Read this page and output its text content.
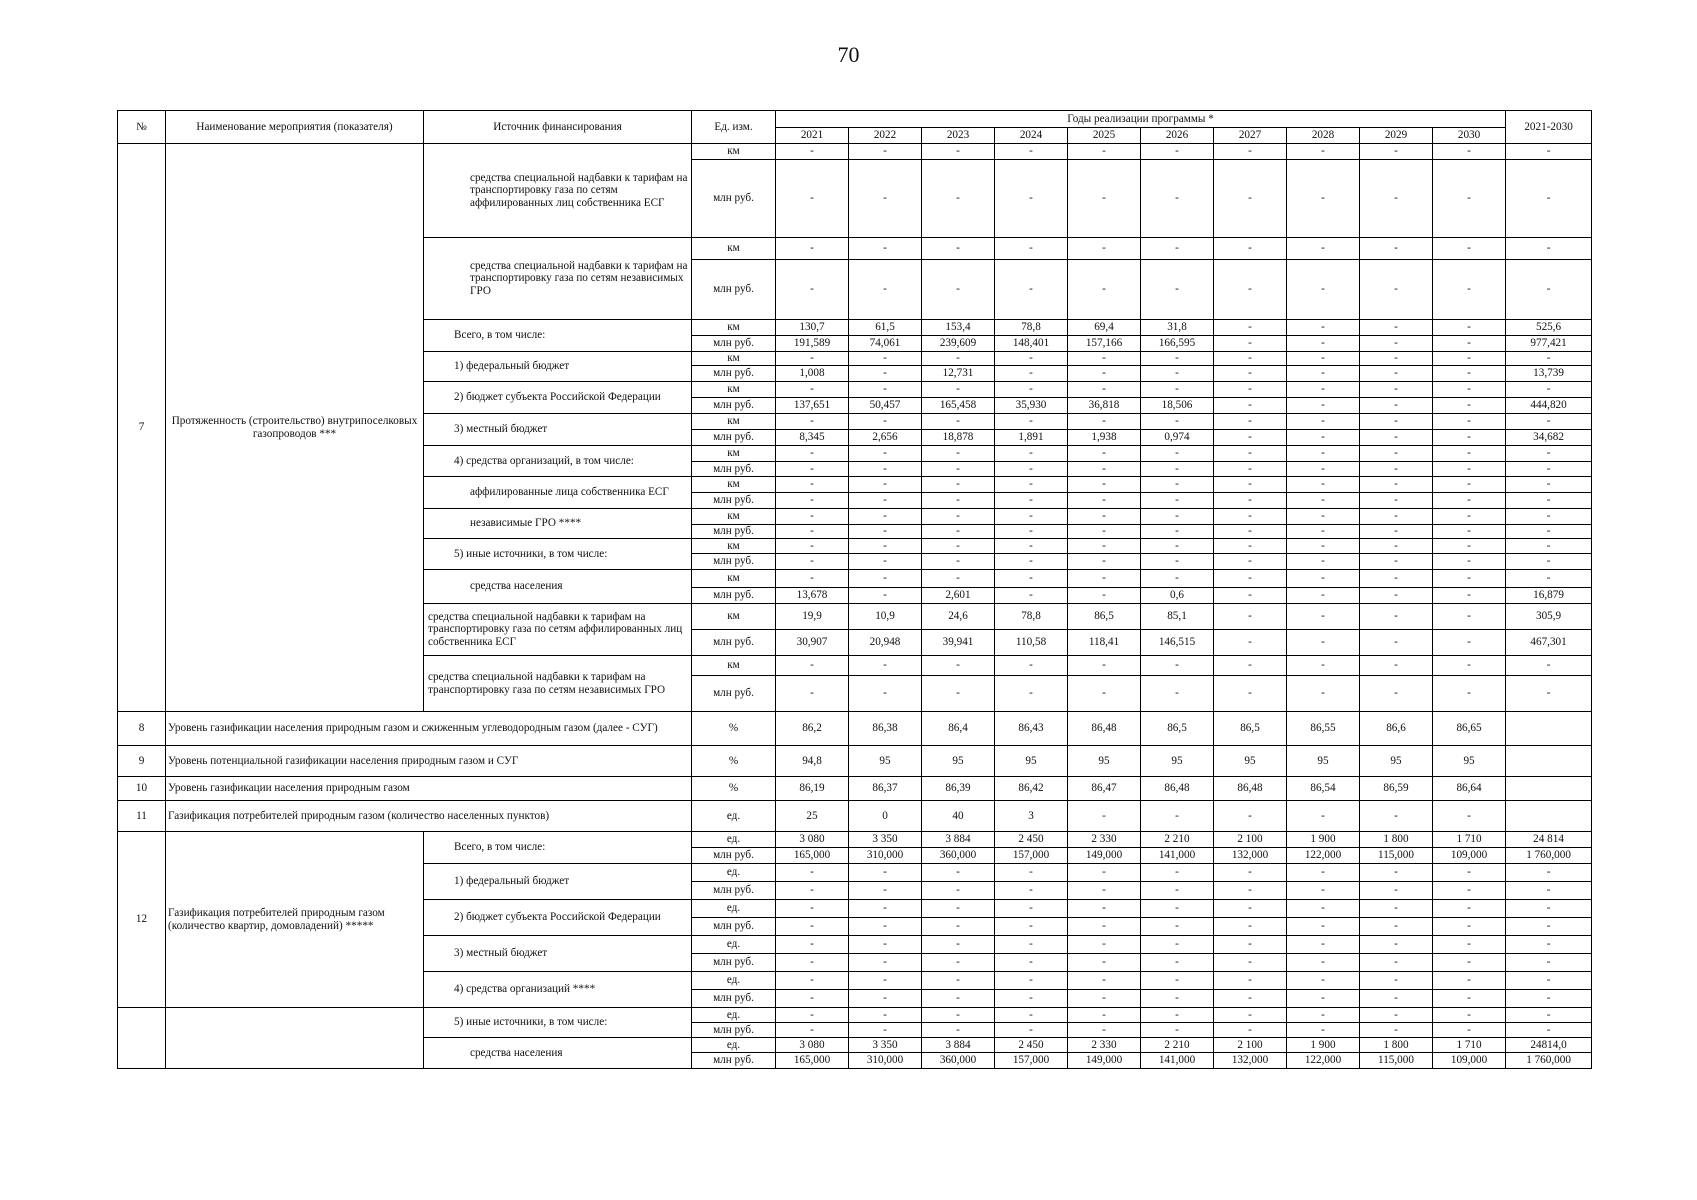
70
№	Наименование мероприятия (показателя)	Источник финансирования	Ед. изм.	Годы реализации программы *										2021-2030
				2021	2022	2023	2024	2025	2026	2027	2028	2029	2030	
7	Протяженность (строительство) внутрипоселковых газопроводов ***	средства специальной надбавки к тарифам на транспортировку газа по сетям аффилированных лиц собственника ЕСГ	км	-	-	-	-	-	-	-	-	-	-	-
			млн руб.	-	-	-	-	-	-	-	-	-	-	-
		средства специальной надбавки к тарифам на транспортировку газа по сетям независимых ГРО	км	-	-	-	-	-	-	-	-	-	-	-
			млн руб.	-	-	-	-	-	-	-	-	-	-	-
		Всего, в том числе:	км	130,7	61,5	153,4	78,8	69,4	31,8	-	-	-	-	525,6
			млн руб.	191,589	74,061	239,609	148,401	157,166	166,595	-	-	-	-	977,421
		1) федеральный бюджет	км	-	-	-	-	-	-	-	-	-	-	-
			млн руб.	1,008	-	12,731	-	-	-	-	-	-	-	13,739
		2) бюджет субъекта Российской Федерации	км	-	-	-	-	-	-	-	-	-	-	-
			млн руб.	137,651	50,457	165,458	35,930	36,818	18,506	-	-	-	-	444,820
		3) местный бюджет	км	-	-	-	-	-	-	-	-	-	-	-
			млн руб.	8,345	2,656	18,878	1,891	1,938	0,974	-	-	-	-	34,682
		4) средства организаций, в том числе:	км	-	-	-	-	-	-	-	-	-	-	-
			млн руб.	-	-	-	-	-	-	-	-	-	-	-
		аффилированные лица собственника ЕСГ	км	-	-	-	-	-	-	-	-	-	-	-
			млн руб.	-	-	-	-	-	-	-	-	-	-	-
		независимые ГРО ****	км	-	-	-	-	-	-	-	-	-	-	-
			млн руб.	-	-	-	-	-	-	-	-	-	-	-
		5) иные источники, в том числе:	км	-	-	-	-	-	-	-	-	-	-	-
			млн руб.	-	-	-	-	-	-	-	-	-	-	-
		средства населения	км	-	-	-	-	-	-	-	-	-	-	-
			млн руб.	13,678	-	2,601	-	-	0,6	-	-	-	-	16,879
		средства специальной надбавки к тарифам на транспортировку газа по сетям аффилированных лиц собственника ЕСГ	км	19,9	10,9	24,6	78,8	86,5	85,1	-	-	-	-	305,9
			млн руб.	30,907	20,948	39,941	110,58	118,41	146,515	-	-	-	-	467,301
		средства специальной надбавки к тарифам на транспортировку газа по сетям независимых ГРО	км	-	-	-	-	-	-	-	-	-	-	-
			млн руб.	-	-	-	-	-	-	-	-	-	-	-
8	Уровень газификации населения природным газом и сжиженным углеводородным газом (далее - СУГ)		%	86,2	86,38	86,4	86,43	86,48	86,5	86,5	86,55	86,6	86,65	
9	Уровень потенциальной газификации населения природным газом и СУГ		%	94,8	95	95	95	95	95	95	95	95	95	
10	Уровень газификации населения природным газом		%	86,19	86,37	86,39	86,42	86,47	86,48	86,48	86,54	86,59	86,64	
11	Газификация потребителей природным газом (количество населенных пунктов)		ед.	25	0	40	3	-	-	-	-	-	-	
12	Газификация потребителей природным газом (количество квартир, домовладений) *****	Всего, в том числе:	ед.	3 080	3 350	3 884	2 450	2 330	2 210	2 100	1 900	1 800	1 710	24 814
			млн руб.	165,000	310,000	360,000	157,000	149,000	141,000	132,000	122,000	115,000	109,000	1 760,000
		1) федеральный бюджет	ед.	-	-	-	-	-	-	-	-	-	-	-
			млн руб.	-	-	-	-	-	-	-	-	-	-	-
		2) бюджет субъекта Российской Федерации	ед.	-	-	-	-	-	-	-	-	-	-	-
			млн руб.	-	-	-	-	-	-	-	-	-	-	-
		3) местный бюджет	ед.	-	-	-	-	-	-	-	-	-	-	-
			млн руб.	-	-	-	-	-	-	-	-	-	-	-
		4) средства организаций ****	ед.	-	-	-	-	-	-	-	-	-	-	-
			млн руб.	-	-	-	-	-	-	-	-	-	-	-
		5) иные источники, в том числе:	ед.	-	-	-	-	-	-	-	-	-	-	-
			млн руб.	-	-	-	-	-	-	-	-	-	-	-
		средства населения	ед.	3 080	3 350	3 884	2 450	2 330	2 210	2 100	1 900	1 800	1 710	24814,0
			млн руб.	165,000	310,000	360,000	157,000	149,000	141,000	132,000	122,000	115,000	109,000	1 760,000
